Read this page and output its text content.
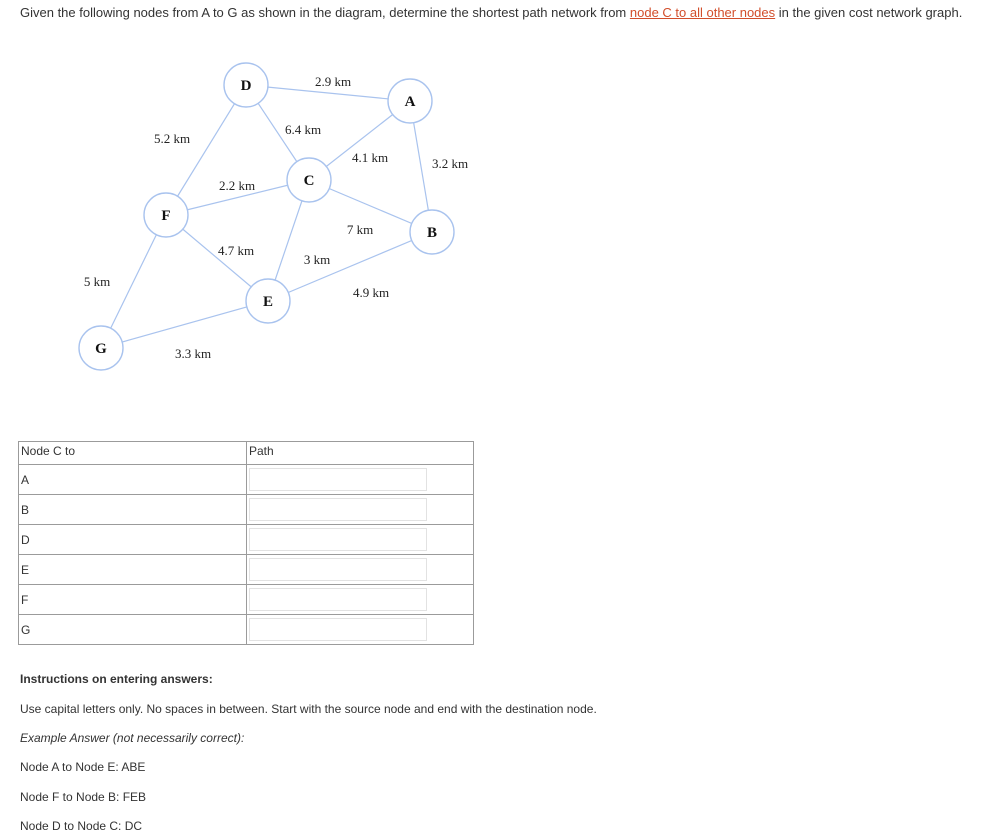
Given the following nodes from A to G as shown in the diagram, determine the shortest path network from node C to all other nodes in the given cost network graph.
2.9 km
6.4 km
5.2 km
4.1 km	3.2 km
2.2 km
7 km
4.7 km
3 km
4.9 km
5 km
3.3 km
D
A
C
F
B
E
G
Node C to	Path
A	
B	
D	
E	
F	
G	
Instructions on entering answers:
Use capital letters only. No spaces in between. Start with the source node and end with the destination node.
Example Answer (not necessarily correct):
Node A to Node E: ABE
Node F to Node B: FEB
Node D to Node C: DC
